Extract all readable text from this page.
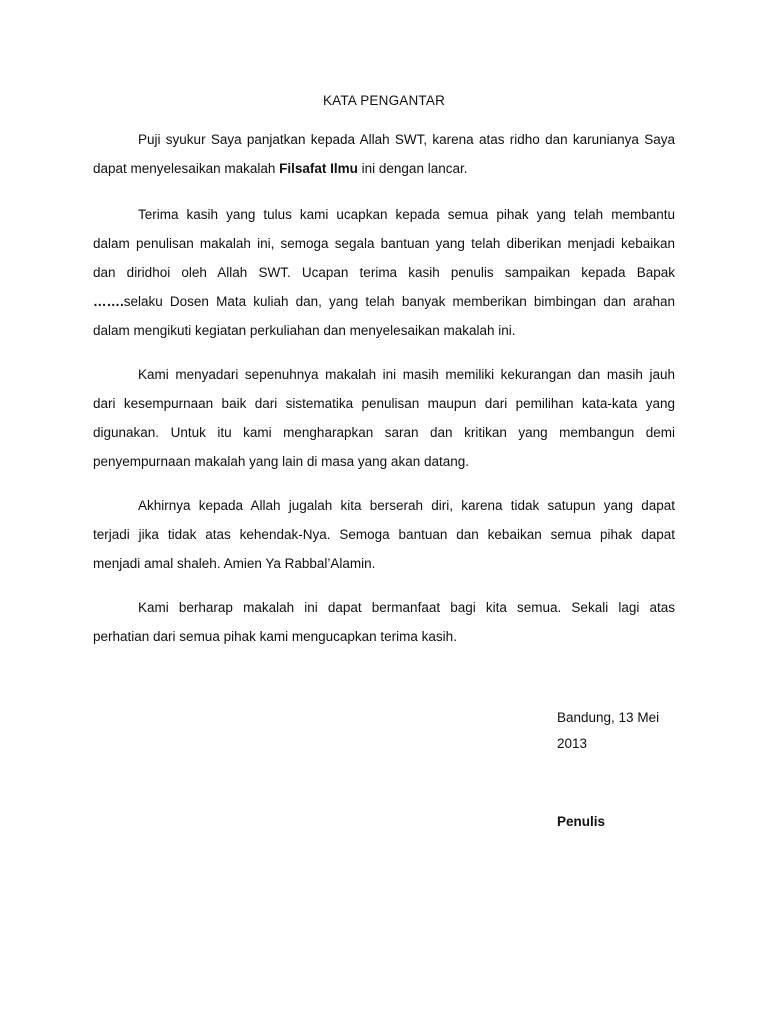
KATA PENGANTAR
Puji syukur Saya panjatkan kepada Allah SWT, karena atas ridho dan karunianya Saya
dapat menyelesaikan makalah Filsafat Ilmu ini dengan lancar.
Terima kasih yang tulus kami ucapkan kepada semua pihak yang telah membantu
dalam penulisan makalah ini, semoga segala bantuan yang telah diberikan menjadi kebaikan
dan diridhoi oleh Allah SWT. Ucapan terima kasih penulis sampaikan kepada Bapak
…….selaku Dosen Mata kuliah dan, yang telah banyak memberikan bimbingan dan arahan
dalam mengikuti kegiatan perkuliahan dan menyelesaikan makalah ini.
Kami menyadari sepenuhnya makalah ini masih memiliki kekurangan dan masih jauh
dari kesempurnaan baik dari sistematika penulisan maupun dari pemilihan kata-kata yang
digunakan. Untuk itu kami mengharapkan saran dan kritikan yang membangun demi
penyempurnaan makalah yang lain di masa yang akan datang.
Akhirnya kepada Allah jugalah kita berserah diri, karena tidak satupun yang dapat
terjadi jika tidak atas kehendak-Nya. Semoga bantuan dan kebaikan semua pihak dapat
menjadi amal shaleh. Amien Ya Rabbal’Alamin.
Kami berharap makalah ini dapat bermanfaat bagi kita semua. Sekali lagi atas
perhatian dari semua pihak kami mengucapkan terima kasih.
Bandung, 13 Mei
2013
Penulis
